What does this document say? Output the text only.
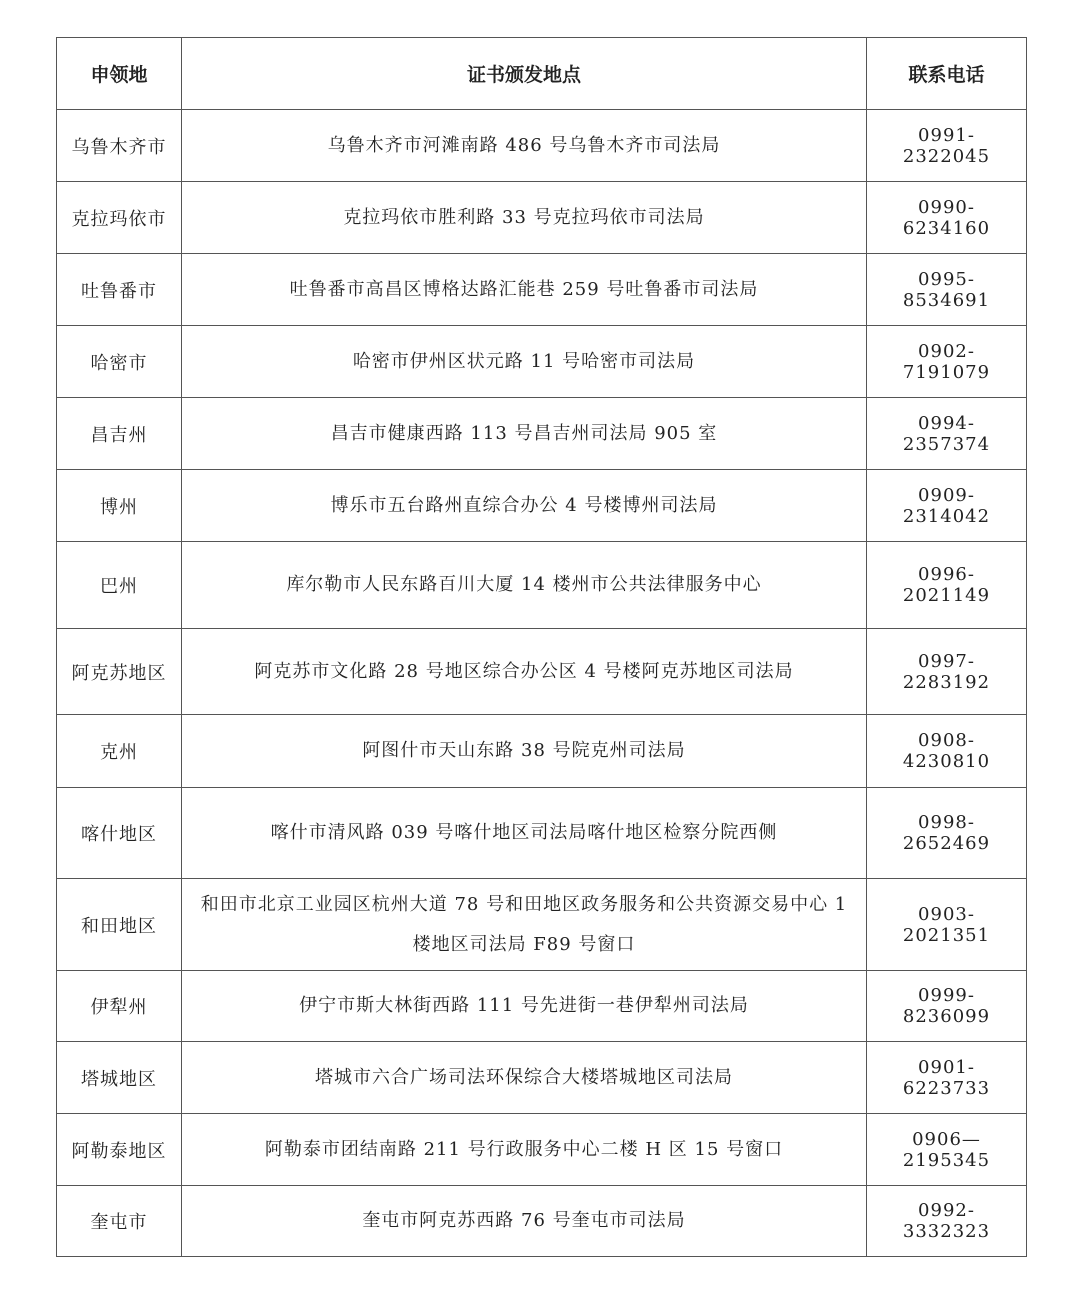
申领地	证书颁发地点	联系电话
乌鲁木齐市	乌鲁木齐市河滩南路 486 号乌鲁木齐市司法局	0991-2322045
克拉玛依市	克拉玛依市胜利路 33 号克拉玛依市司法局	0990-6234160
吐鲁番市	吐鲁番市高昌区博格达路汇能巷 259 号吐鲁番市司法局	0995-8534691
哈密市	哈密市伊州区状元路 11 号哈密市司法局	0902-7191079
昌吉州	昌吉市健康西路 113 号昌吉州司法局 905 室	0994-2357374
博州	博乐市五台路州直综合办公 4 号楼博州司法局	0909-2314042
巴州	库尔勒市人民东路百川大厦 14 楼州市公共法律服务中心	0996-2021149
阿克苏地区	阿克苏市文化路 28 号地区综合办公区 4 号楼阿克苏地区司法局	0997-2283192
克州	阿图什市天山东路 38 号院克州司法局	0908-4230810
喀什地区	喀什市清风路 039 号喀什地区司法局喀什地区检察分院西侧	0998-2652469
和田地区	和田市北京工业园区杭州大道 78 号和田地区政务服务和公共资源交易中心 1 楼地区司法局 F89 号窗口	0903-2021351
伊犁州	伊宁市斯大林街西路 111 号先进街一巷伊犁州司法局	0999-8236099
塔城地区	塔城市六合广场司法环保综合大楼塔城地区司法局	0901-6223733
阿勒泰地区	阿勒泰市团结南路 211 号行政服务中心二楼 H 区 15 号窗口	0906—2195345
奎屯市	奎屯市阿克苏西路 76 号奎屯市司法局	0992-3332323
